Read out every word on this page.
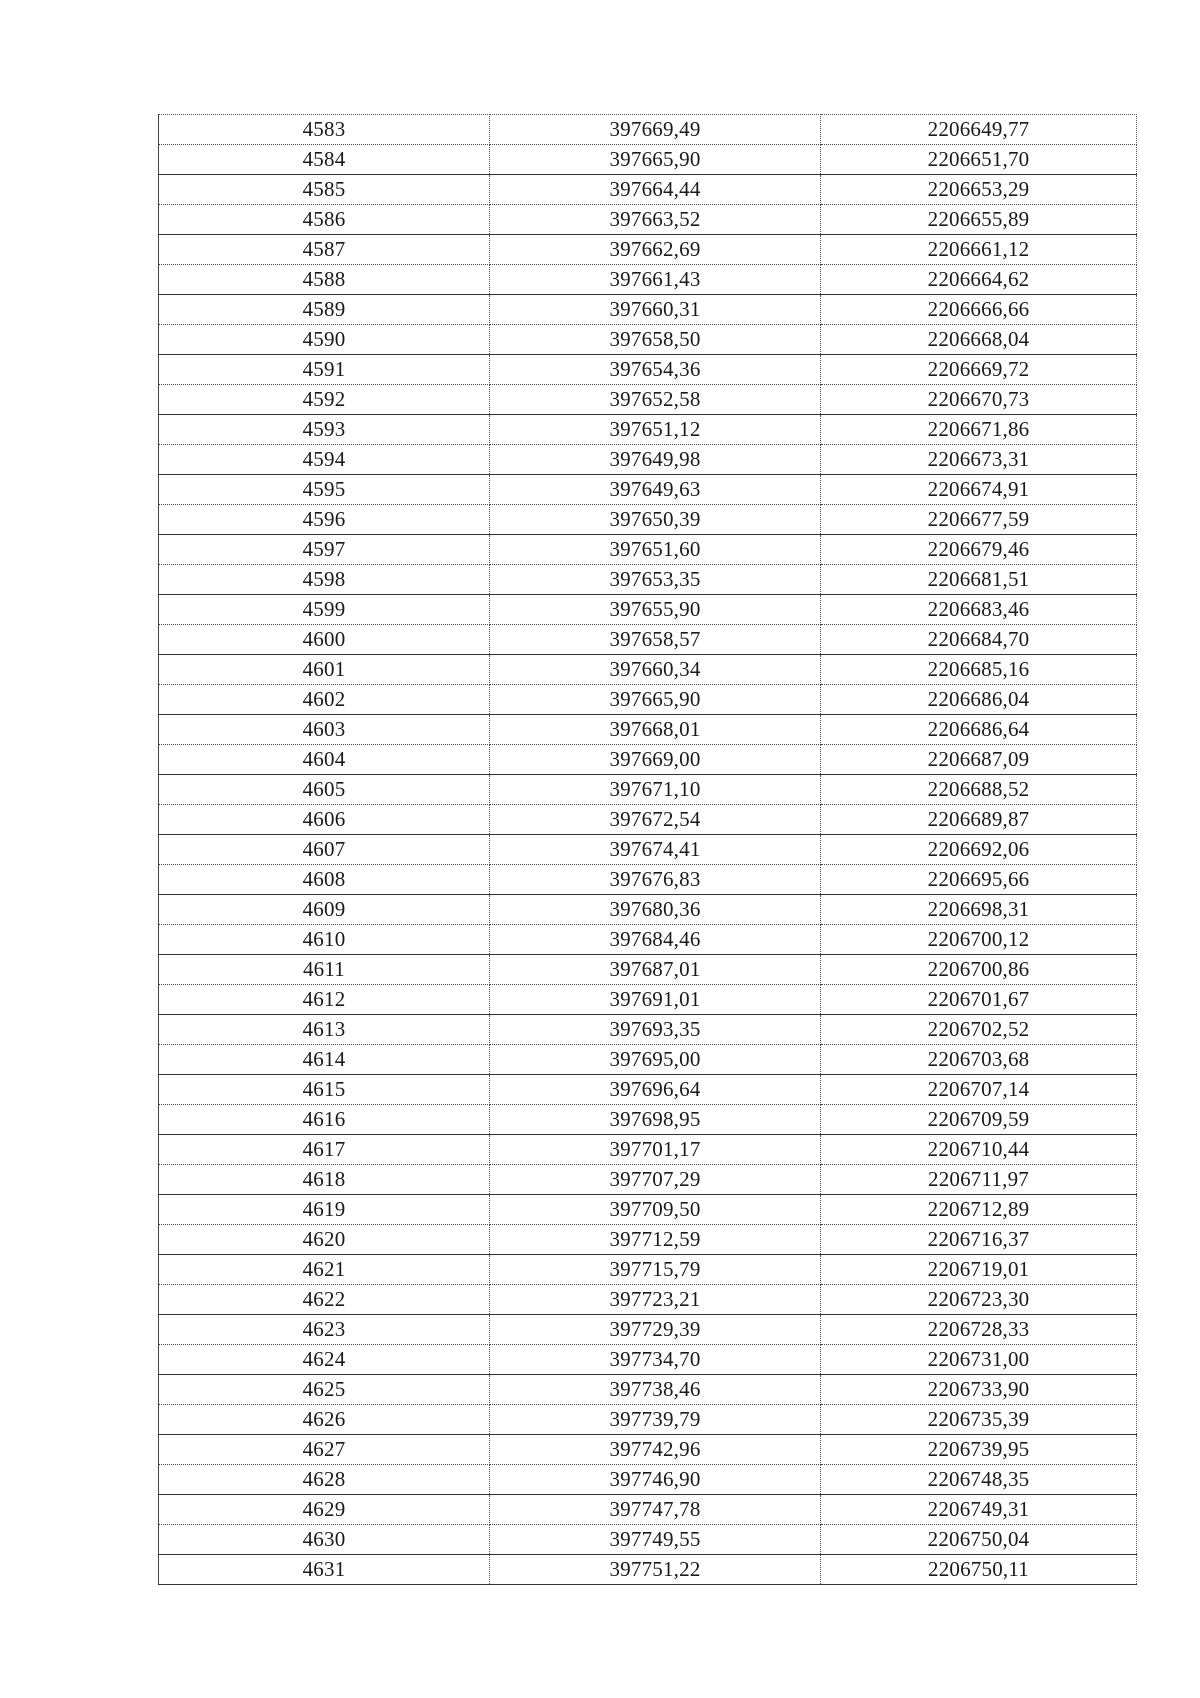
4583	397669,49	2206649,77
4584	397665,90	2206651,70
4585	397664,44	2206653,29
4586	397663,52	2206655,89
4587	397662,69	2206661,12
4588	397661,43	2206664,62
4589	397660,31	2206666,66
4590	397658,50	2206668,04
4591	397654,36	2206669,72
4592	397652,58	2206670,73
4593	397651,12	2206671,86
4594	397649,98	2206673,31
4595	397649,63	2206674,91
4596	397650,39	2206677,59
4597	397651,60	2206679,46
4598	397653,35	2206681,51
4599	397655,90	2206683,46
4600	397658,57	2206684,70
4601	397660,34	2206685,16
4602	397665,90	2206686,04
4603	397668,01	2206686,64
4604	397669,00	2206687,09
4605	397671,10	2206688,52
4606	397672,54	2206689,87
4607	397674,41	2206692,06
4608	397676,83	2206695,66
4609	397680,36	2206698,31
4610	397684,46	2206700,12
4611	397687,01	2206700,86
4612	397691,01	2206701,67
4613	397693,35	2206702,52
4614	397695,00	2206703,68
4615	397696,64	2206707,14
4616	397698,95	2206709,59
4617	397701,17	2206710,44
4618	397707,29	2206711,97
4619	397709,50	2206712,89
4620	397712,59	2206716,37
4621	397715,79	2206719,01
4622	397723,21	2206723,30
4623	397729,39	2206728,33
4624	397734,70	2206731,00
4625	397738,46	2206733,90
4626	397739,79	2206735,39
4627	397742,96	2206739,95
4628	397746,90	2206748,35
4629	397747,78	2206749,31
4630	397749,55	2206750,04
4631	397751,22	2206750,11
